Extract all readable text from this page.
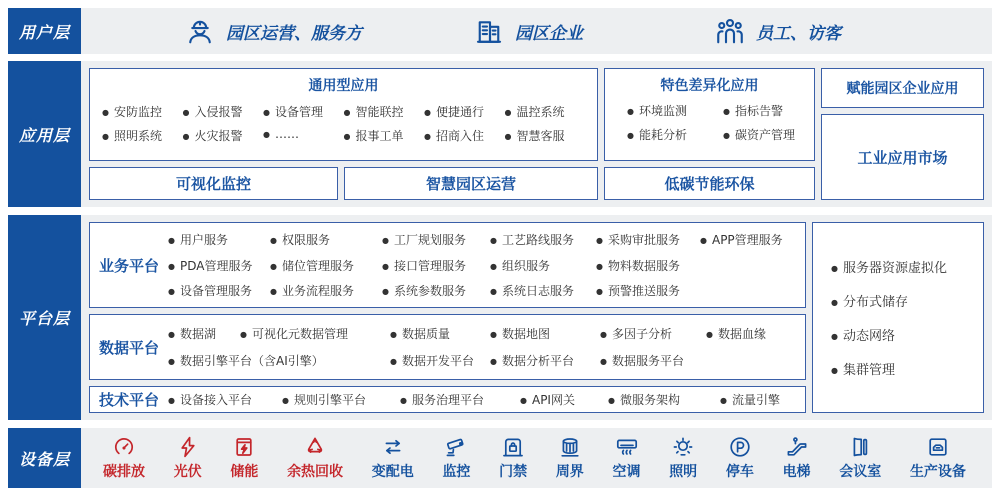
用户层	园区运营、服务方	园区企业	员工、访客
应用层
通用型应用
● 安防监控	● 入侵报警	● 设备管理	● 智能联控	● 便捷通行	● 温控系统
● 照明系统	● 火灾报警	● ……	● 报事工单	● 招商入住	● 智慧客服
可视化监控	智慧园区运营
特色差异化应用
● 环境监测	● 指标告警
● 能耗分析	● 碳资产管理
低碳节能环保
赋能园区企业应用
工业应用市场
平台层
业务平台
● 用户服务	● 权限服务	● 工厂规划服务	● 工艺路线服务	● 采购审批服务	● APP管理服务
● PDA管理服务	● 储位管理服务	● 接口管理服务	● 组织服务	● 物料数据服务
● 设备管理服务	● 业务流程服务	● 系统参数服务	● 系统日志服务	● 预警推送服务
数据平台
● 数据湖	● 可视化元数据管理	● 数据质量	● 数据地图	● 多因子分析	● 数据血缘
● 数据引擎平台（含AI引擎）	● 数据开发平台	● 数据分析平台	● 数据服务平台
技术平台	● 设备接入平台	● 规则引擎平台	● 服务治理平台	● API网关	● 微服务架构	● 流量引擎
● 服务器资源虚拟化
● 分布式储存
● 动态网络
● 集群管理
设备层
碳排放 光伏 储能 余热回收 变配电 监控 门禁 周界 空调 照明 停车 电梯 会议室 生产设备
